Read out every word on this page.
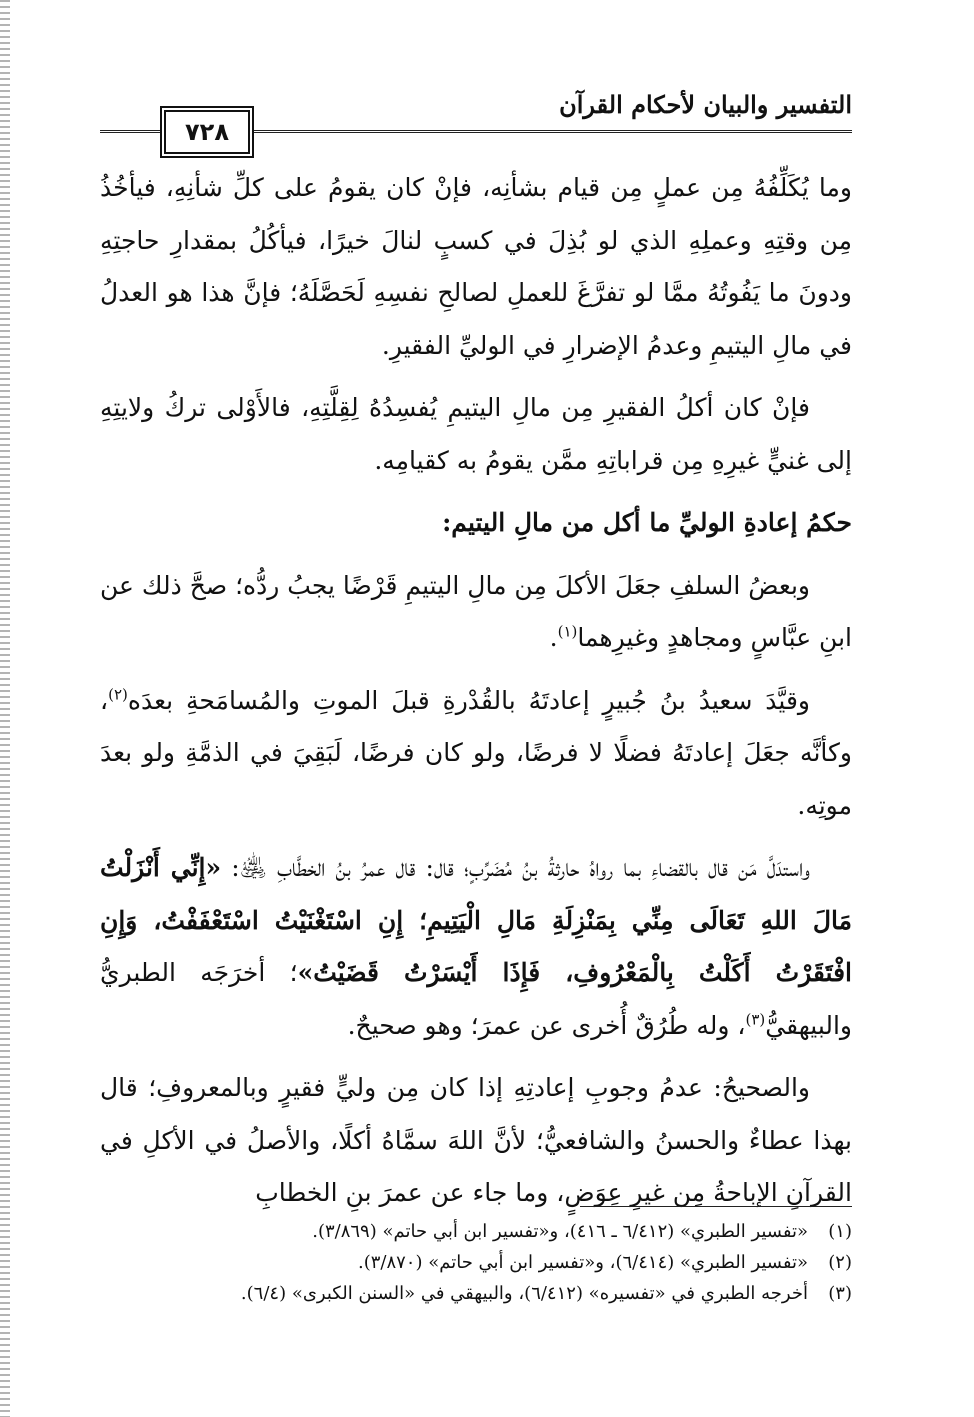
التفسير والبيان لأحكام القرآن
٧٢٨

وما يُكَلِّفُهُ مِن عملٍ مِن قيام بشأنِه، فإنْ كان يقومُ على كلِّ شأنِهِ، فيأخُذُ مِن وقتِهِ وعملِهِ الذي لو بُذِلَ في كسبٍ لنالَ خيرًا، فيأكُلُ بمقدارِ حاجتِهِ ودونَ ما يَفُوتُهُ ممَّا لو تفرَّغَ للعملِ لصالحِ نفسِهِ لَحَصَّلَهُ؛ فإنَّ هذا هو العدلُ في مالِ اليتيمِ وعدمُ الإضرارِ في الوليِّ الفقيرِ.

فإنْ كان أكلُ الفقيرِ مِن مالِ اليتيمِ يُفسِدُهُ لِقِلَّتِهِ، فالأَوْلى تركُ ولايتِهِ إلى غنيٍّ غيرِهِ مِن قراباتِهِ ممَّن يقومُ به كقيامِه.

حكمُ إعادةِ الوليِّ ما أكل من مالِ اليتيم:

وبعضُ السلفِ جعَلَ الأكلَ مِن مالِ اليتيمِ قَرْضًا يجبُ ردُّه؛ صحَّ ذلك عن ابنِ عبَّاسٍ ومجاهدٍ وغيرِهما$^{(١)}$.

وقيَّدَ سعيدُ بنُ جُبيرٍ إعادتَهُ بالقُدْرةِ قبلَ الموتِ والمُسامَحةِ بعدَه$^{(٢)}$، وكأنَّه جعَلَ إعادتَهُ فضلًا لا فرضًا، ولو كان فرضًا، لَبَقِيَ في الذمَّةِ ولو بعدَ موتِه.

واستدَلَّ مَن قال بالقضاءِ بما رواهُ حارثةُ بنُ مُضَرِّبٍ؛ قال: قال عمرُ بنُ الخطَّابِ ﵁: «إِنِّي أَنْزَلْتُ مَالَ اللهِ تَعَالَى مِنِّي بِمَنْزِلَةِ مَالِ الْيَتِيمِ؛ إِنِ اسْتَغْنَيْتُ اسْتَعْفَفْتُ، وَإِنِ افْتَقَرْتُ أَكَلْتُ بِالْمَعْرُوفِ، فَإِذَا أَيْسَرْتُ قَضَيْتُ»؛ أخرَجَه الطبريُّ والبيهقيُّ$^{(٣)}$، وله طُرُقٌ أُخرى عن عمرَ؛ وهو صحيحٌ.

والصحيحُ: عدمُ وجوبِ إعادتِهِ إذا كان مِن وليٍّ فقيرٍ وبالمعروفِ؛ قال بهذا عطاءٌ والحسنُ والشافعيُّ؛ لأنَّ اللهَ سمَّاهُ أكلًا، والأصلُ في الأكلِ في القرآنِ الإباحةُ مِن غيرِ عِوَضٍ، وما جاء عن عمرَ بنِ الخطابِ

(١)
«تفسير الطبري» (٦/٤١٢ ـ ٤١٦)، و«تفسير ابن أبي حاتم» (٣/٨٦٩).
(٢)
«تفسير الطبري» (٦/٤١٤)، و«تفسير ابن أبي حاتم» (٣/٨٧٠).
(٣)
أخرجه الطبري في «تفسيره» (٦/٤١٢)، والبيهقي في «السنن الكبرى» (٦/٤).
